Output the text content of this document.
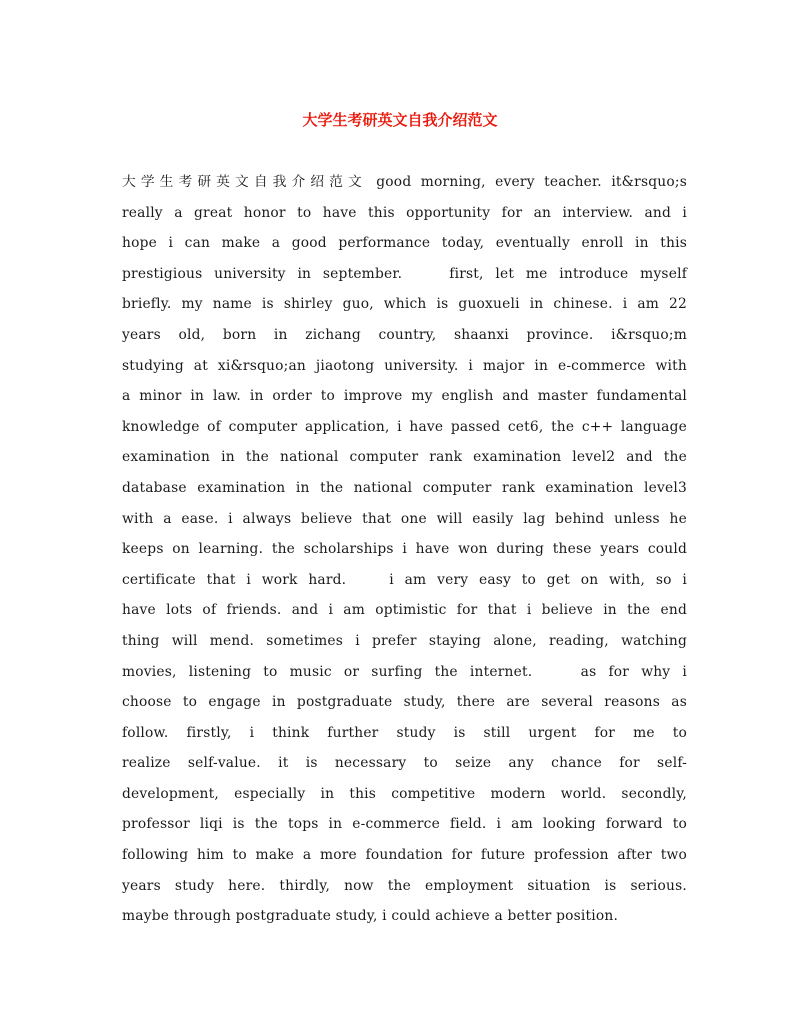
大学生考研英文自我介绍范文
大学生考研英文自我介绍范文 good morning, every teacher. it&rsquo;s
really a great honor to have this opportunity for an interview. and i
hope i can make a good performance today, eventually enroll in this
prestigious university in september.    first, let me introduce myself
briefly. my name is shirley guo, which is guoxueli in chinese. i am 22
years old, born in zichang country, shaanxi province. i&rsquo;m
studying at xi&rsquo;an jiaotong university. i major in e-commerce with
a minor in law. in order to improve my english and master fundamental
knowledge of computer application, i have passed cet6, the c++ language
examination in the national computer rank examination level2 and the
database examination in the national computer rank examination level3
with a ease. i always believe that one will easily lag behind unless he
keeps on learning. the scholarships i have won during these years could
certificate that i work hard.    i am very easy to get on with, so i
have lots of friends. and i am optimistic for that i believe in the end
thing will mend. sometimes i prefer staying alone, reading, watching
movies, listening to music or surfing the internet.    as for why i
choose to engage in postgraduate study, there are several reasons as
follow. firstly, i think further study is still urgent for me to
realize self-value. it is necessary to seize any chance for self-
development, especially in this competitive modern world. secondly,
professor liqi is the tops in e-commerce field. i am looking forward to
following him to make a more foundation for future profession after two
years study here. thirdly, now the employment situation is serious.
maybe through postgraduate study, i could achieve a better position.
